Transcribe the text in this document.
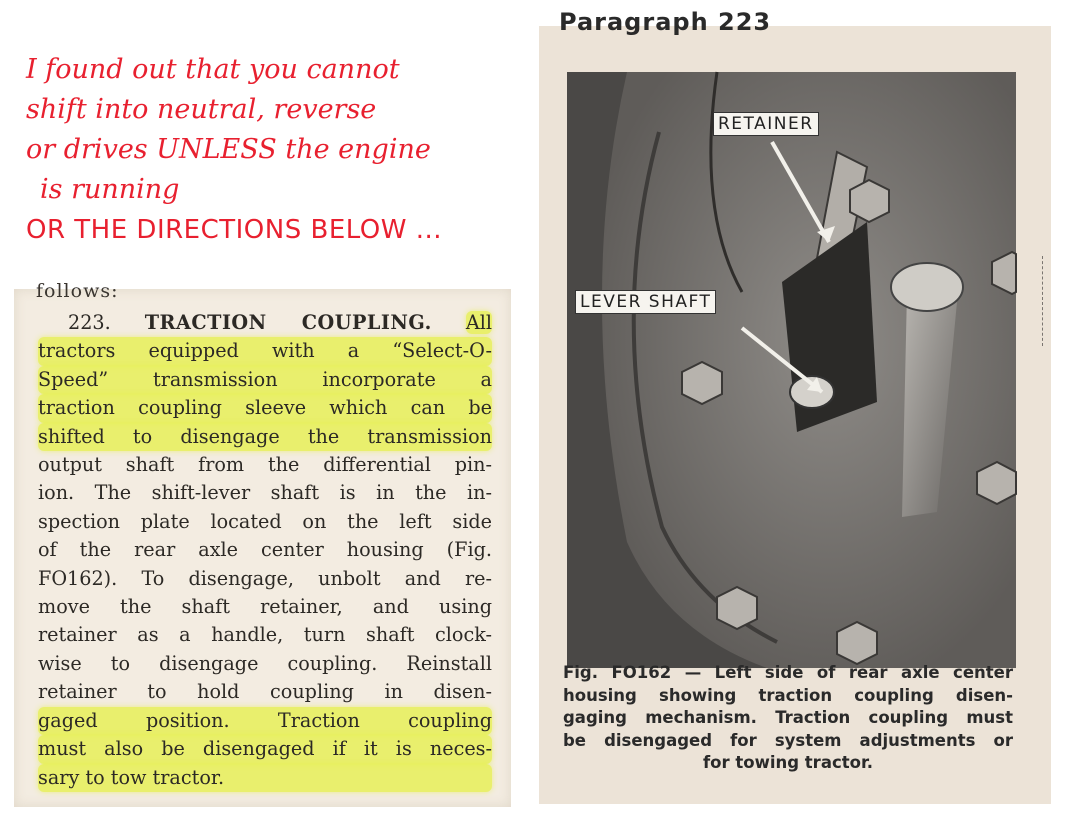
I found out that you cannot
shift into neutral, reverse
or drives UNLESS the engine
is running
OR THE DIRECTIONS BELOW ...
follows:
223. TRACTION COUPLING. All
tractors equipped with a “Select-O-
Speed” transmission incorporate a
traction coupling sleeve which can be
shifted to disengage the transmission
output shaft from the differential pin-
ion. The shift-lever shaft is in the in-
spection plate located on the left side
of the rear axle center housing (Fig.
FO162). To disengage, unbolt and re-
move the shaft retainer, and using
retainer as a handle, turn shaft clock-
wise to disengage coupling. Reinstall
retainer to hold coupling in disen-
gaged position. Traction coupling
must also be disengaged if it is neces-
sary to tow tractor.
Paragraph 223
RETAINER
LEVER SHAFT
Fig. FO162 — Left side of rear axle center
housing showing traction coupling disen-
gaging mechanism. Traction coupling must
be disengaged for system adjustments or
for towing tractor.
